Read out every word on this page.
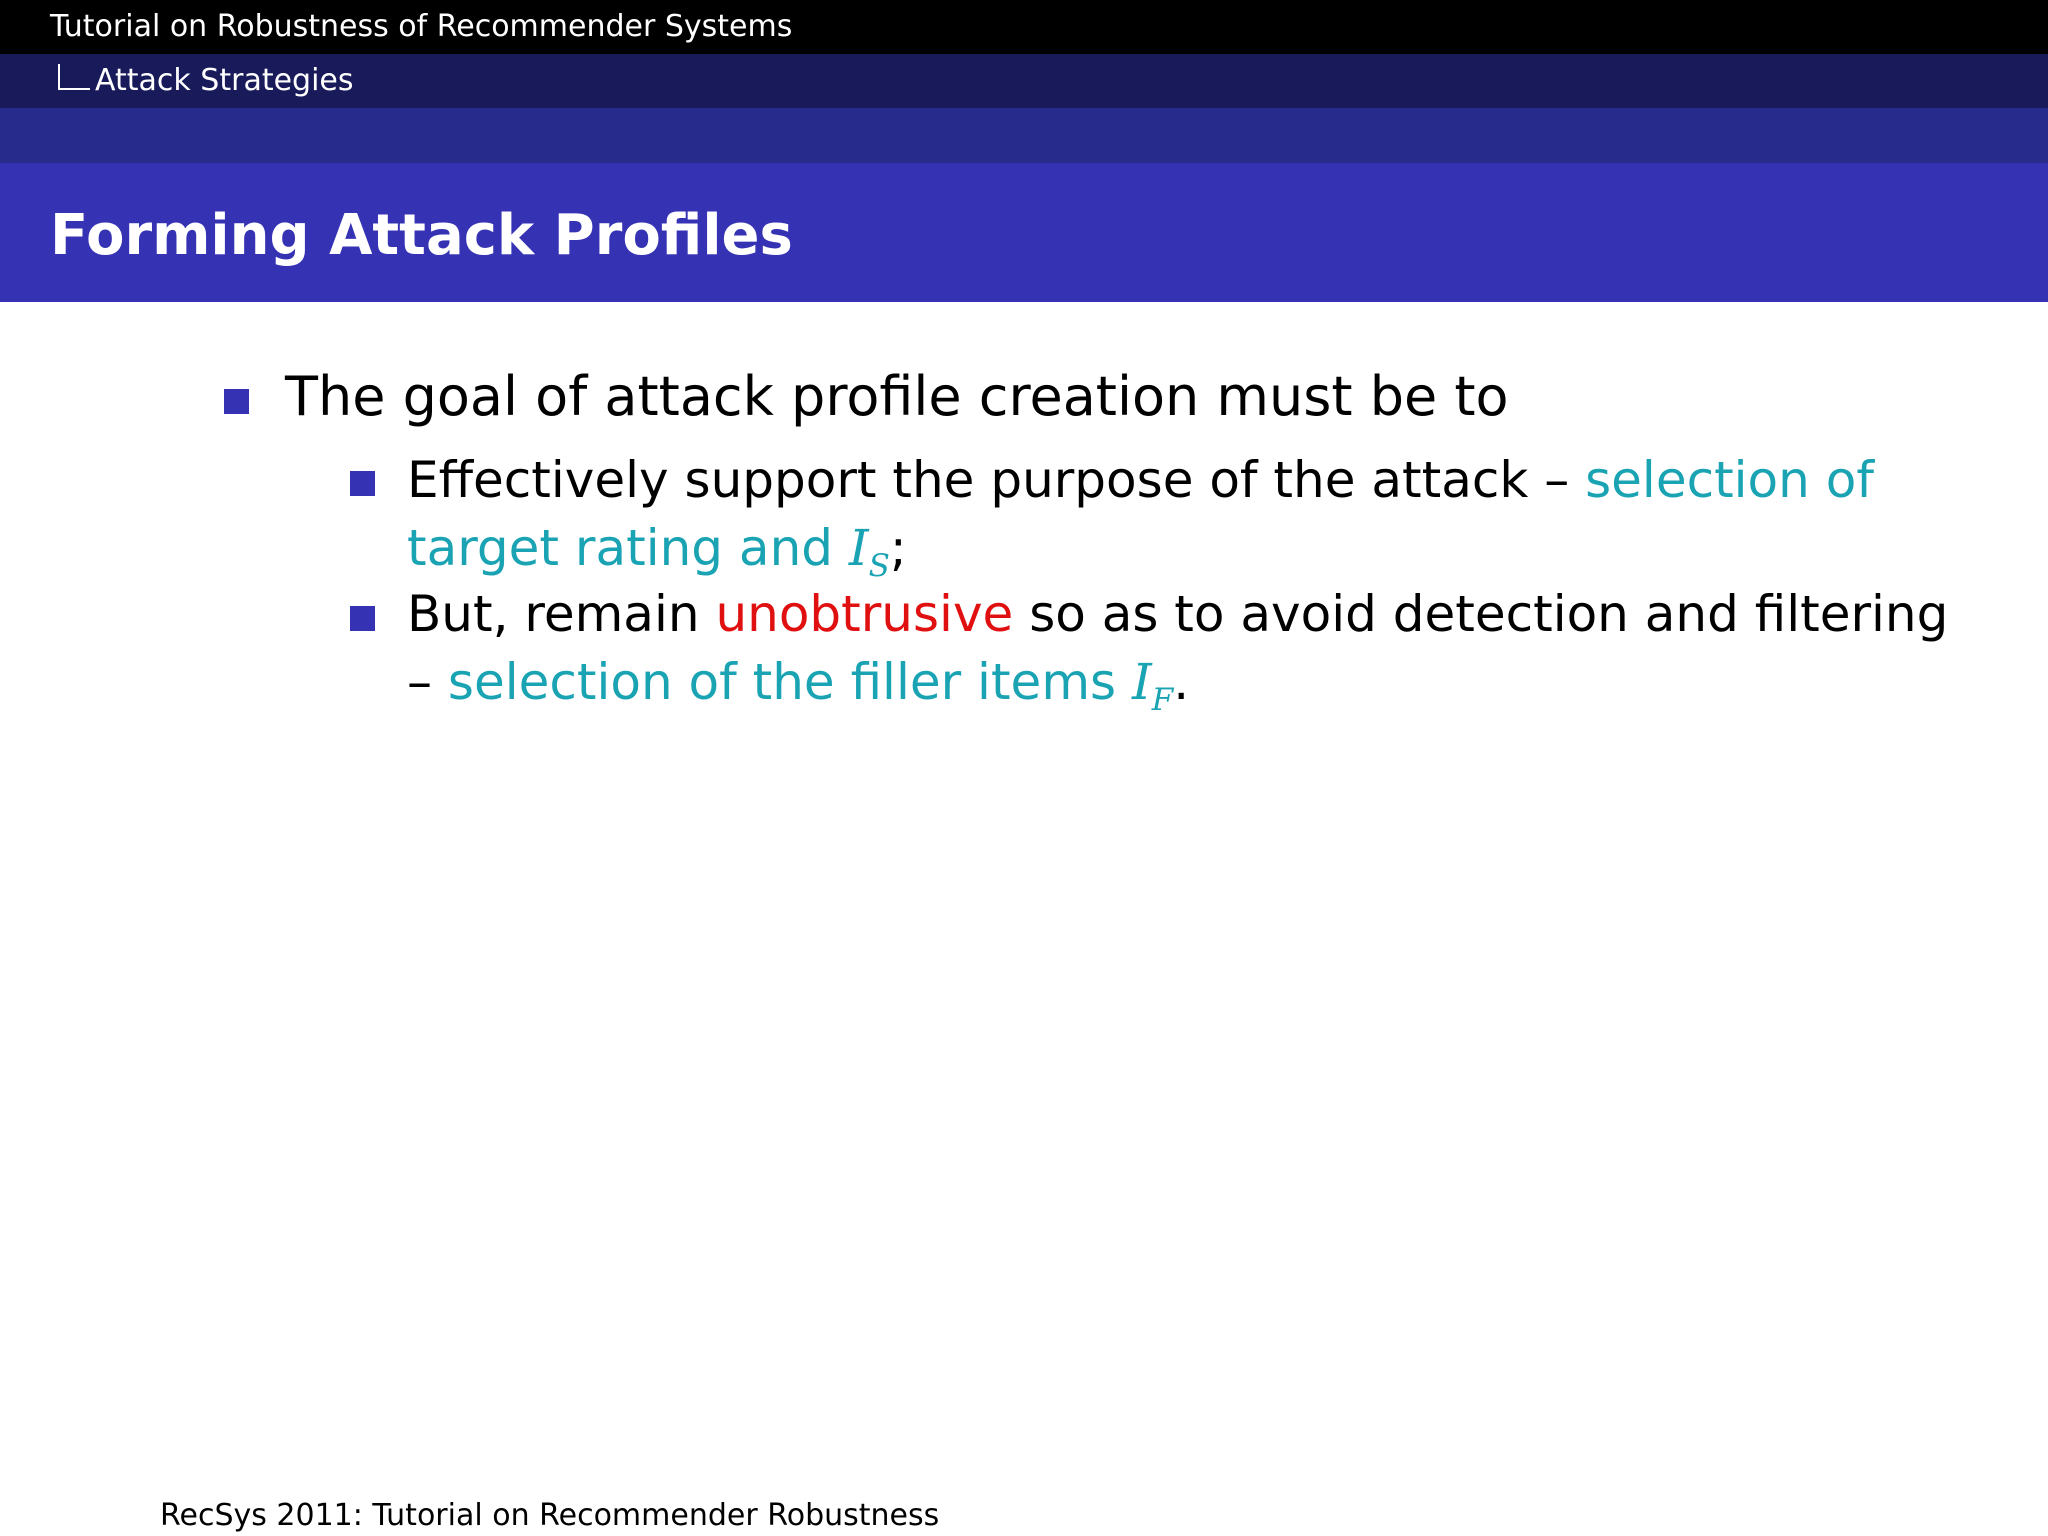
Tutorial on Robustness of Recommender Systems
Attack Strategies
Forming Attack Profiles
The goal of attack profile creation must be to
Effectively support the purpose of the attack – selection of
target rating and $I_S$;
But, remain unobtrusive so as to avoid detection and filtering
– selection of the filler items $I_F$.
RecSys 2011: Tutorial on Recommender Robustness
